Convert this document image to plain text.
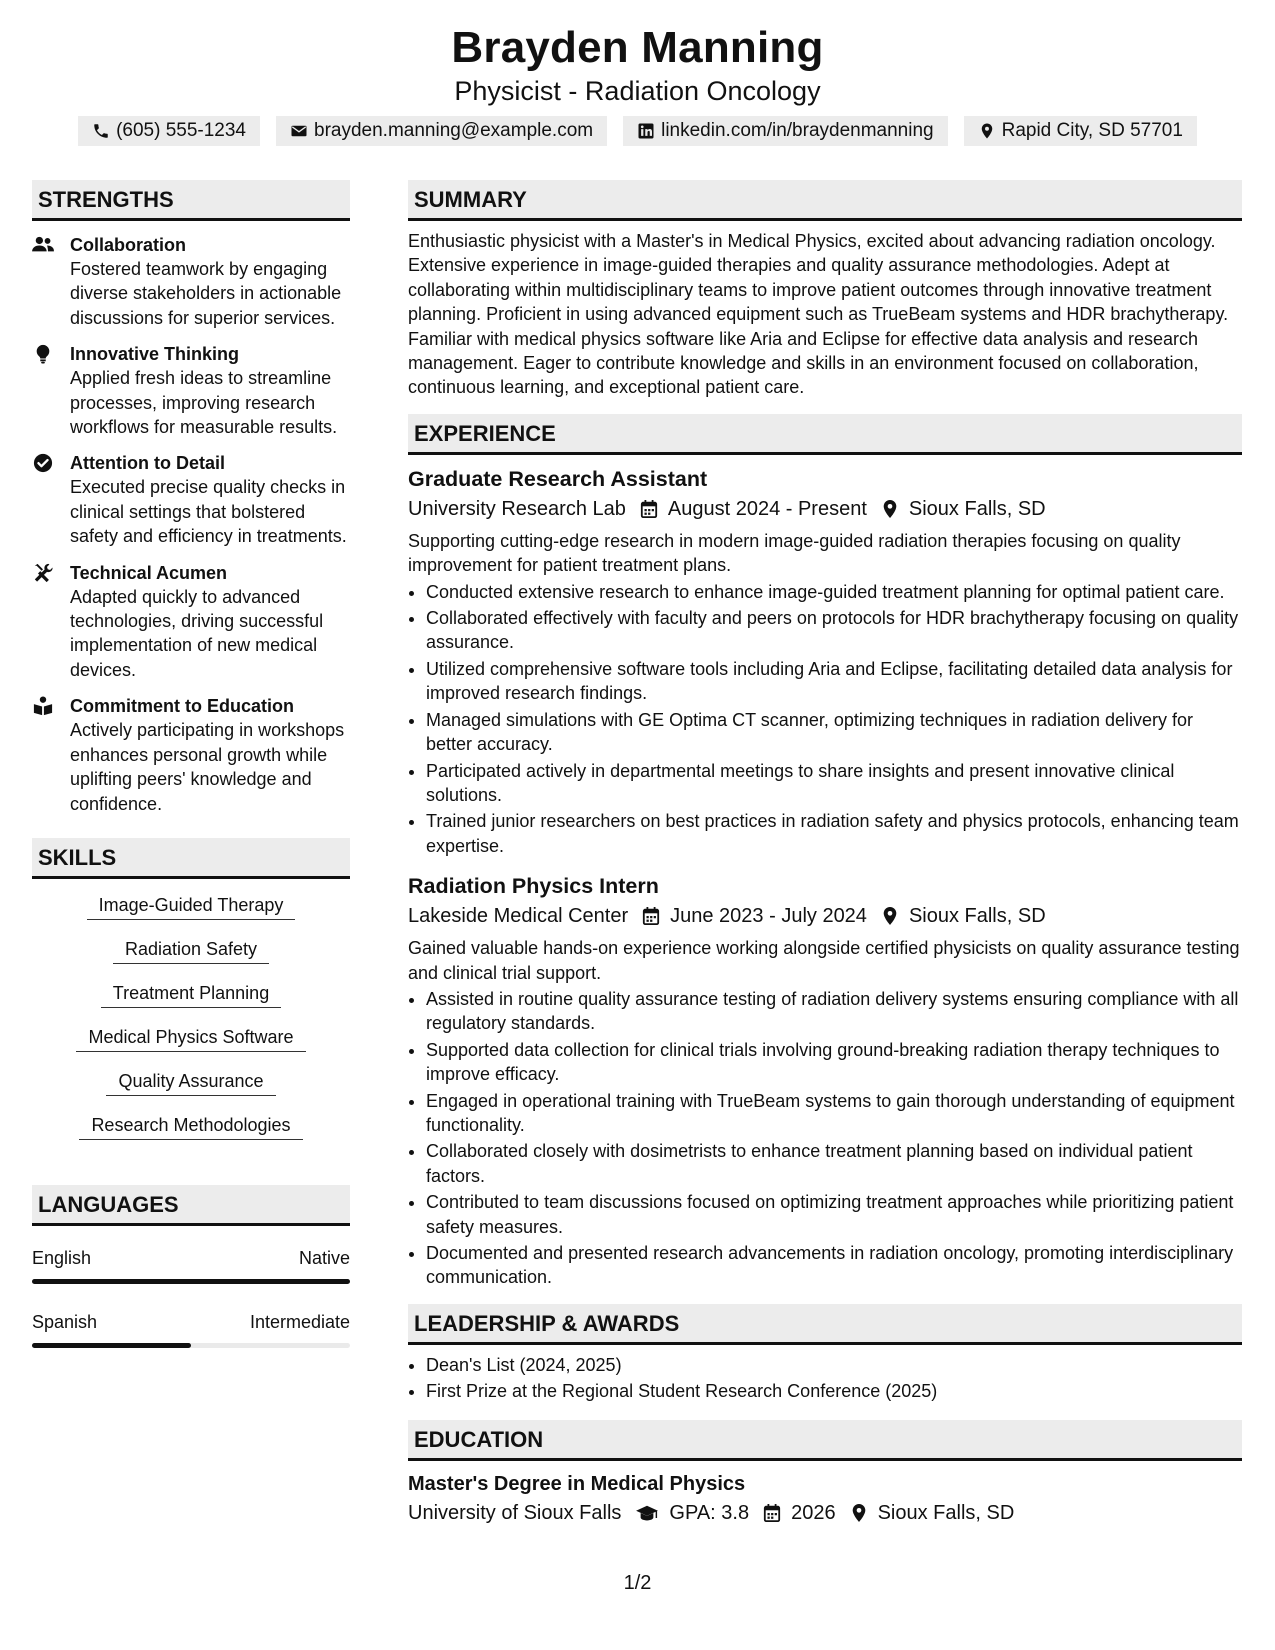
Brayden Manning
Physicist - Radiation Oncology
(605) 555-1234	brayden.manning@example.com	linkedin.com/in/braydenmanning	Rapid City, SD 57701
STRENGTHS
Collaboration
Fostered teamwork by engaging diverse stakeholders in actionable discussions for superior services.
Innovative Thinking
Applied fresh ideas to streamline processes, improving research workflows for measurable results.
Attention to Detail
Executed precise quality checks in clinical settings that bolstered safety and efficiency in treatments.
Technical Acumen
Adapted quickly to advanced technologies, driving successful implementation of new medical devices.
Commitment to Education
Actively participating in workshops enhances personal growth while uplifting peers' knowledge and confidence.
SKILLS
Image-Guided Therapy
Radiation Safety
Treatment Planning
Medical Physics Software
Quality Assurance
Research Methodologies
LANGUAGES
English	Native
Spanish	Intermediate
SUMMARY
Enthusiastic physicist with a Master's in Medical Physics, excited about advancing radiation oncology. Extensive experience in image-guided therapies and quality assurance methodologies. Adept at collaborating within multidisciplinary teams to improve patient outcomes through innovative treatment planning. Proficient in using advanced equipment such as TrueBeam systems and HDR brachytherapy. Familiar with medical physics software like Aria and Eclipse for effective data analysis and research management. Eager to contribute knowledge and skills in an environment focused on collaboration, continuous learning, and exceptional patient care.
EXPERIENCE
Graduate Research Assistant
University Research Lab August 2024 - Present Sioux Falls, SD
Supporting cutting-edge research in modern image-guided radiation therapies focusing on quality improvement for patient treatment plans.
• Conducted extensive research to enhance image-guided treatment planning for optimal patient care.
• Collaborated effectively with faculty and peers on protocols for HDR brachytherapy focusing on quality assurance.
• Utilized comprehensive software tools including Aria and Eclipse, facilitating detailed data analysis for improved research findings.
• Managed simulations with GE Optima CT scanner, optimizing techniques in radiation delivery for better accuracy.
• Participated actively in departmental meetings to share insights and present innovative clinical solutions.
• Trained junior researchers on best practices in radiation safety and physics protocols, enhancing team expertise.
Radiation Physics Intern
Lakeside Medical Center June 2023 - July 2024 Sioux Falls, SD
Gained valuable hands-on experience working alongside certified physicists on quality assurance testing and clinical trial support.
• Assisted in routine quality assurance testing of radiation delivery systems ensuring compliance with all regulatory standards.
• Supported data collection for clinical trials involving ground-breaking radiation therapy techniques to improve efficacy.
• Engaged in operational training with TrueBeam systems to gain thorough understanding of equipment functionality.
• Collaborated closely with dosimetrists to enhance treatment planning based on individual patient factors.
• Contributed to team discussions focused on optimizing treatment approaches while prioritizing patient safety measures.
• Documented and presented research advancements in radiation oncology, promoting interdisciplinary communication.
LEADERSHIP & AWARDS
• Dean's List (2024, 2025)
• First Prize at the Regional Student Research Conference (2025)
EDUCATION
Master's Degree in Medical Physics
University of Sioux Falls GPA: 3.8 2026 Sioux Falls, SD
1/2
